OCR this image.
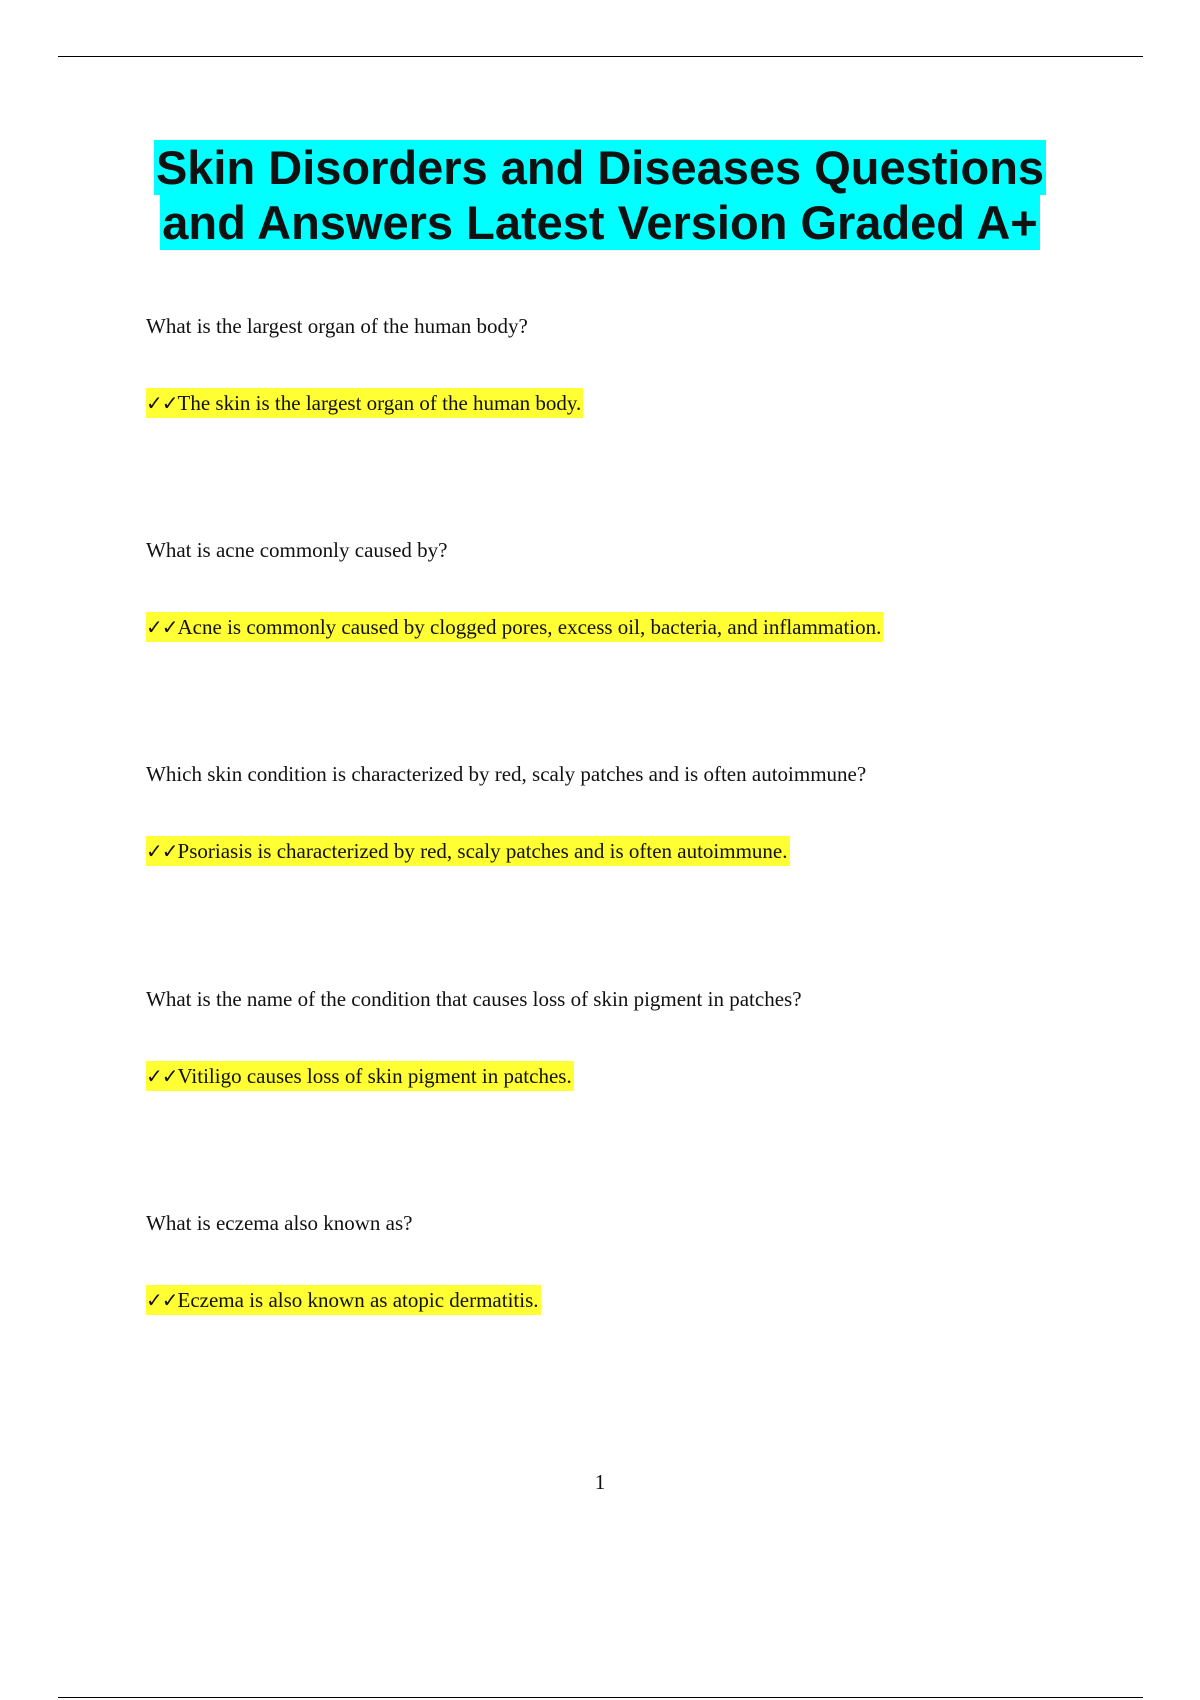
Skin Disorders and Diseases Questions
and Answers Latest Version Graded A+
What is the largest organ of the human body?
✓✓The skin is the largest organ of the human body.
What is acne commonly caused by?
✓✓Acne is commonly caused by clogged pores, excess oil, bacteria, and inflammation.
Which skin condition is characterized by red, scaly patches and is often autoimmune?
✓✓Psoriasis is characterized by red, scaly patches and is often autoimmune.
What is the name of the condition that causes loss of skin pigment in patches?
✓✓Vitiligo causes loss of skin pigment in patches.
What is eczema also known as?
✓✓Eczema is also known as atopic dermatitis.
1
